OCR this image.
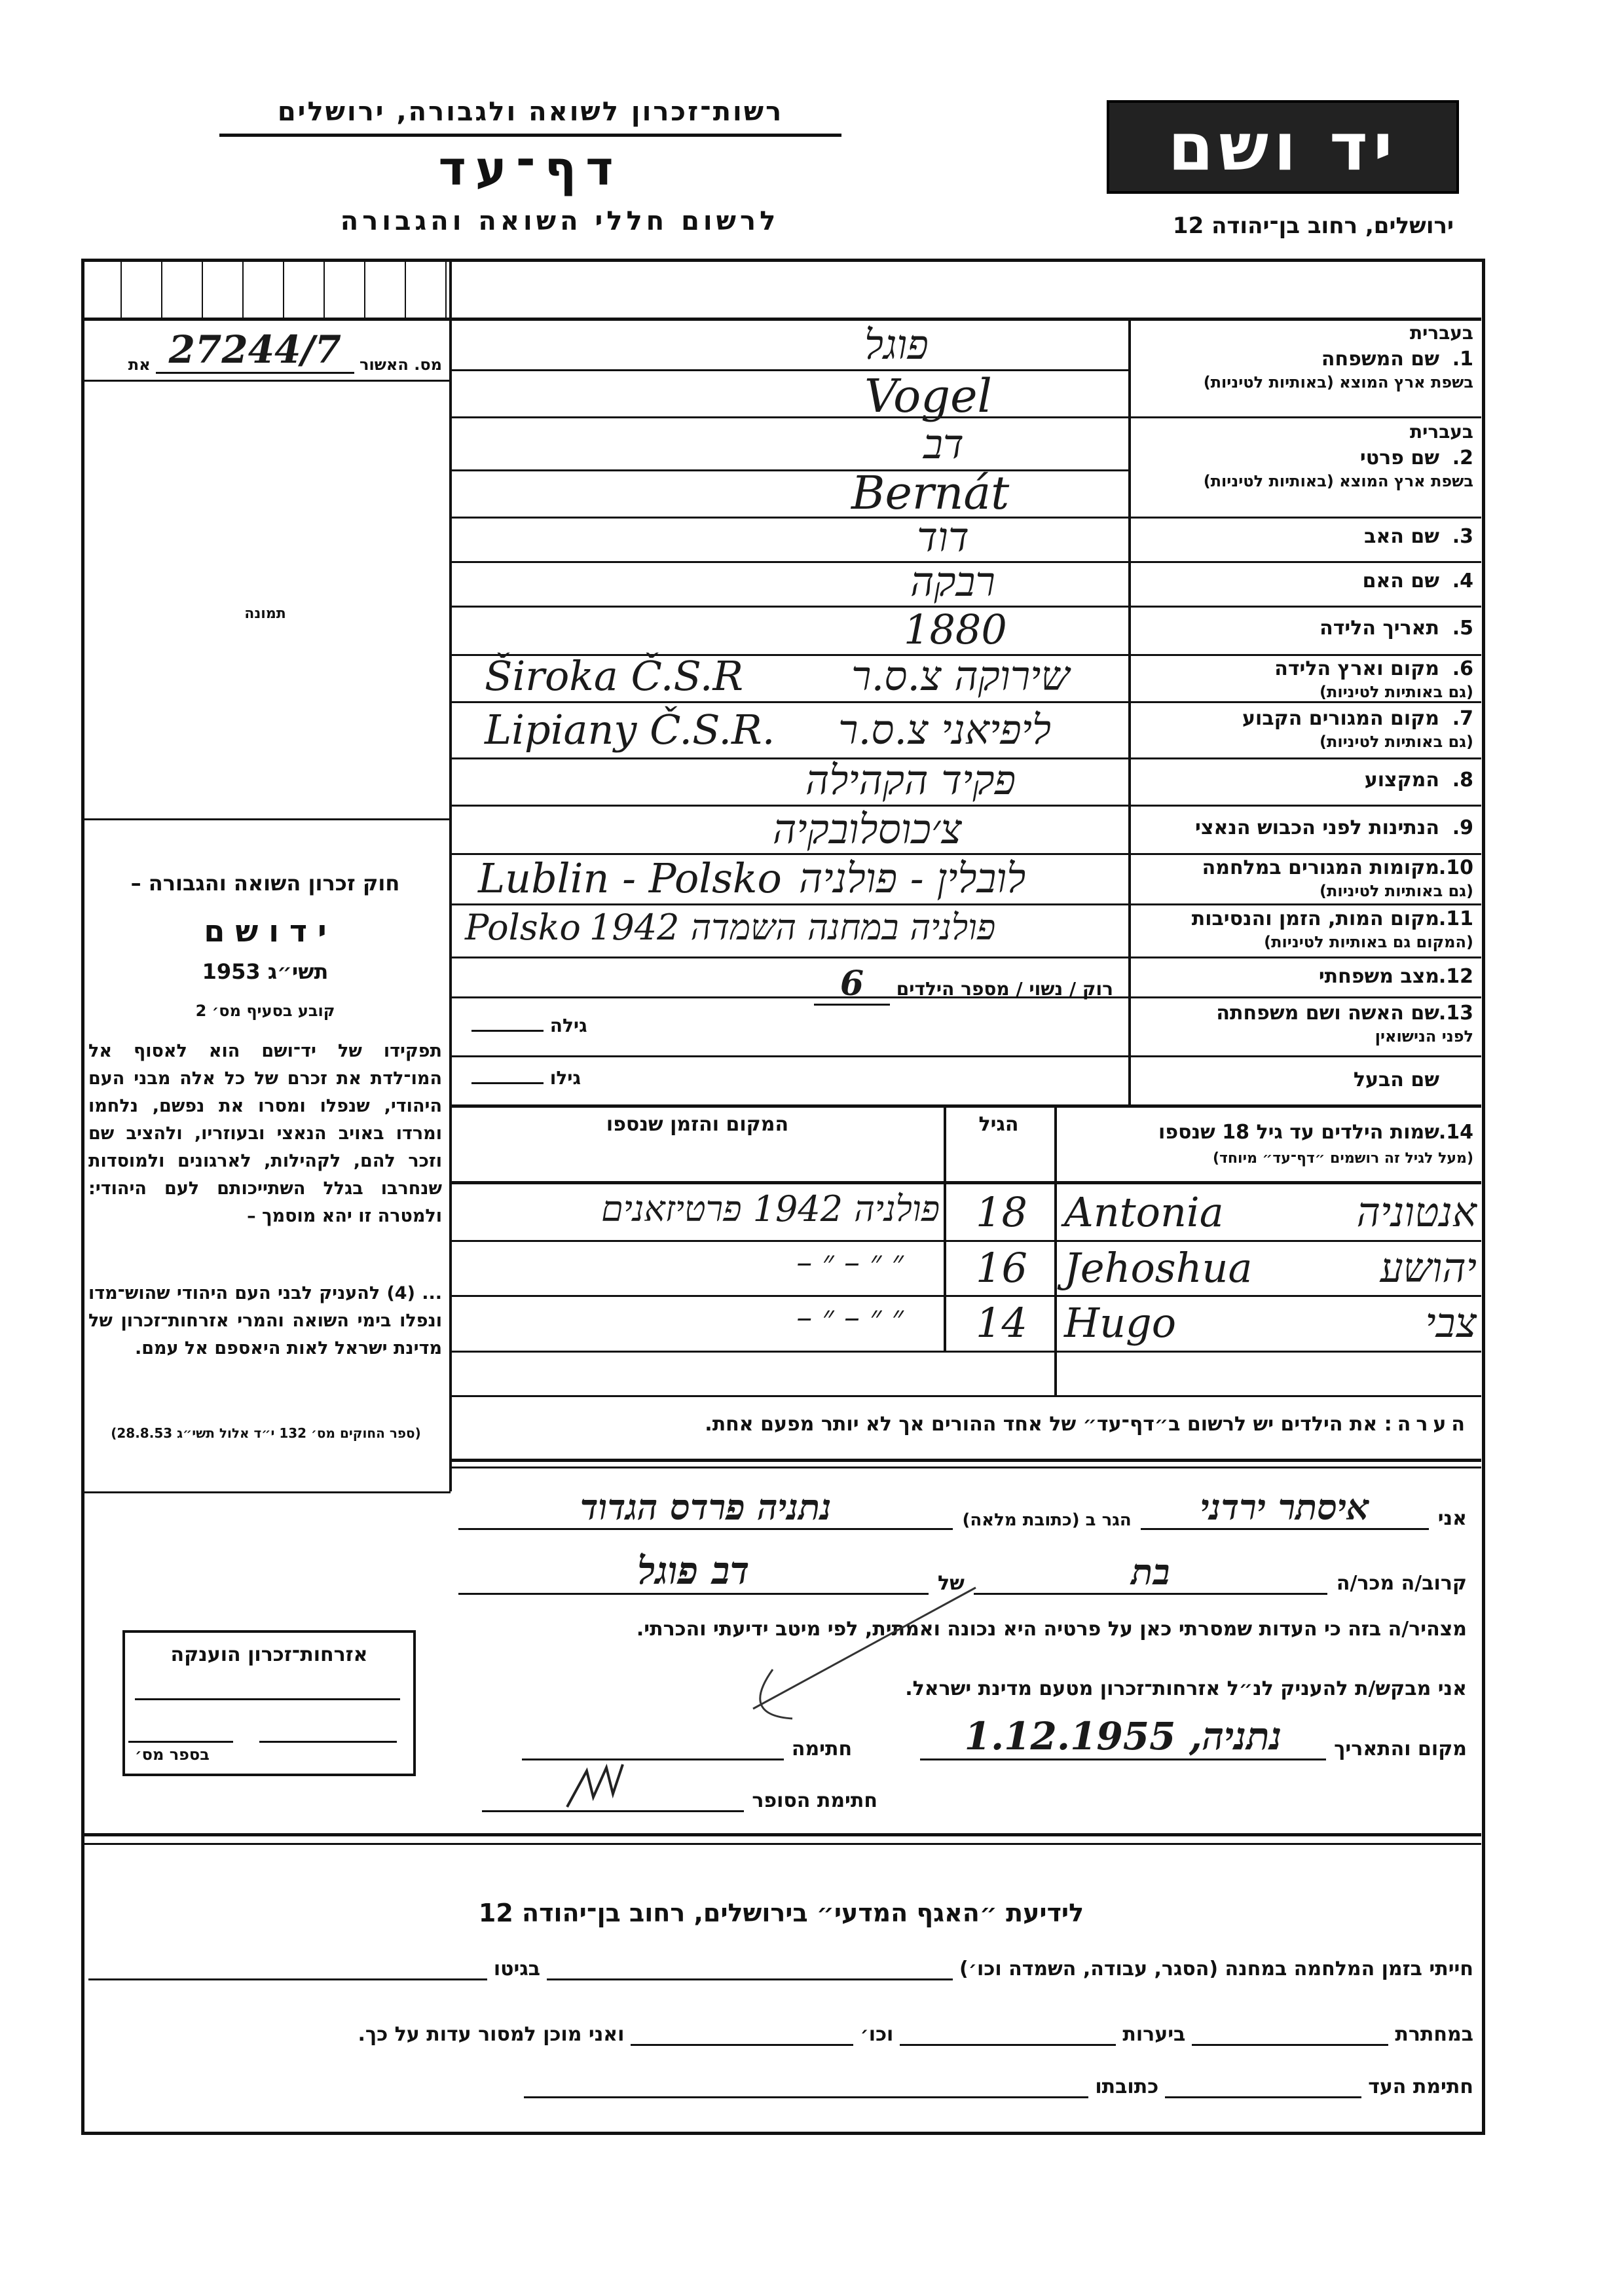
יד ושם
רשות־זכרון לשואה ולגבורה, ירושלים
דף־עד
לרשום חללי השואה והגבורה	ירושלים, רחוב בן־יהודה 12
מס. האשור
27244/7
את
תמונה
חוק זכרון השואה והגבורה –
י ד ו ש ם
תשי״ג 1953
קובע בסעיף מס׳ 2
תפקידו של יד־ושם הוא לאסוף אל המו־לדת את זכרם של כל אלה מבני העם היהודי, שנפלו ומסרו את נפשם, נלחמו ומרדו באויב הנאצי ובעוזריו, ולהציב שם וזכר להם, לקהילות, לארגונים ולמוסדות שנחרבו בגלל השתייכותם לעם היהודי: ולמטרה זו יהא מוסמך –
... (4) להעניק לבני העם היהודי שהוש־מדו ונפלו בימי השואה והמרי אזרחות־זכרון של מדינת ישראל לאות היאספם אל עמם.
(ספר החוקים מס׳ 132 י״ד אלול תשי״ג 28.8.53)
אזרחות־זכרון הוענקה
בספר מס׳
בעברית
1.שם המשפחה
בשפת ארץ המוצא (באותיות לטיניות)
פוגל
Vogel
בעברית
2.שם פרטי
בשפת ארץ המוצא (באותיות לטיניות)
דב
Bernát
3.שם האב
דוד
4.שם האם
רבקה
5.תאריך הלידה
1880
6.מקום וארץ הלידה
(גם באותיות לטיניות)
שירוקה צ.ס.ר
Široka Č.S.R
7.מקום המגורים הקבוע
(גם באותיות לטיניות)
ליפיאני צ.ס.ר
Lipiany Č.S.R.
8.המקצוע
פקיד הקהילה
9.הנתינות לפני הכבוש הנאצי
צ׳כוסלובקיה
10.מקומות המגורים במלחמה
(גם באותיות לטיניות)
לובלין - פולניה
Lublin - Polsko
11.מקום המות, הזמן והנסיבות
(המקום גם באותיות לטיניות)
פולניה במחנה השמדה 1942
Polsko
12.מצב משפחתי
רוק / נשוי / מספר הילדים 6
13.שם האשה ושם משפחתה
לפני הנישואין
גילה
שם הבעל
גילו
14.שמות הילדים עד גיל 18 שנספו
(מעל לגיל זה רושמים ״דף־עד״ מיוחד)
הגיל
המקום והזמן שנספו
אנטוניה
Antonia
18
פולניה 1942 פרטיזאנים
יהושע
Jehoshua
16
״ ״ – ״ –
צבי
Hugo
14
״ ״ – ״ –
הערה: את הילדים יש לרשום ב״דף־עד״ של אחד ההורים אך לא יותר מפעם אחת.
אני
איסתר ירדני
הגר ב (כתובת מלאה)
נתניה פרדס הגדוד
קרוב/ה מכר/ה
בת
של
דב פוגל
מצהיר/ה בזה כי העדות שמסרתי כאן על פרטיה היא נכונה ואמתית, לפי מיטב ידיעתי והכרתי.
אני מבקש/ת להעניק לנ״ל אזרחות־זכרון מטעם מדינת ישראל.
מקום והתאריך
נתניה, 1.12.1955
חתימה
חתימת הסופר
לידיעת ״האגף המדעי״ בירושלים, רחוב בן־יהודה 12
חייתי בזמן המלחמה במחנה (הסגר, עבודה, השמדה וכו׳)
בגיטו
במחתרת
ביערות
וכו׳
ואני מוכן למסור עדות על כך.
חתימת העד
כתובתו
